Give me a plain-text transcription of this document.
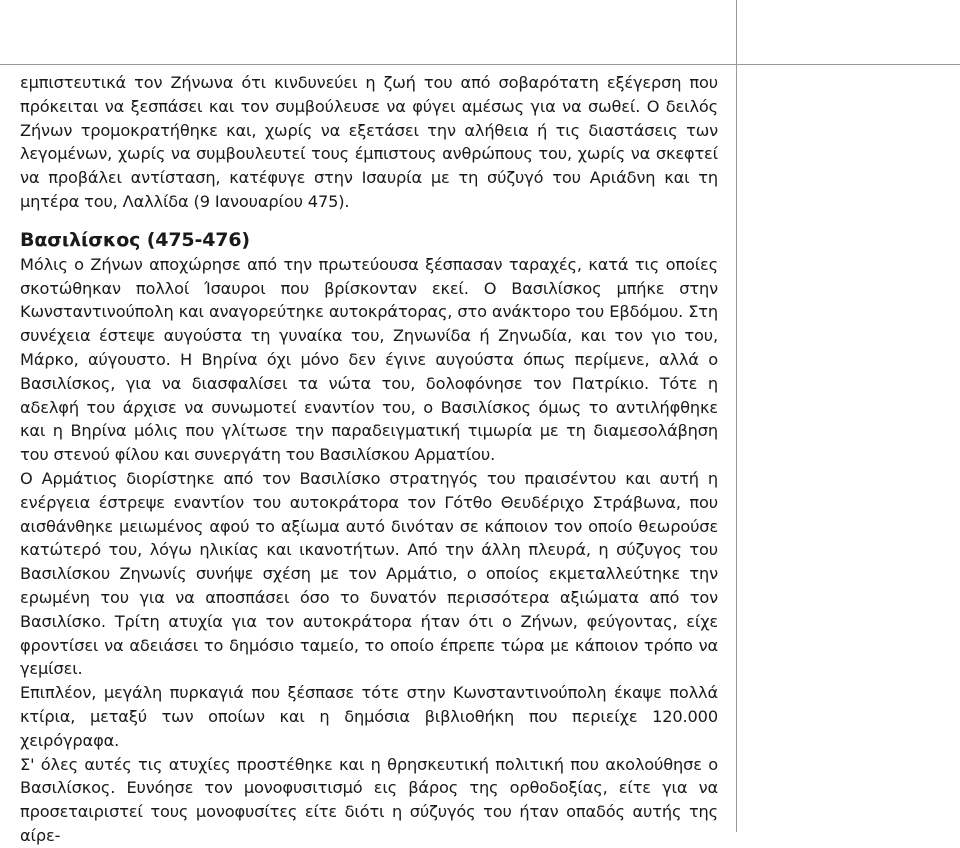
εμπιστευτικά τον Ζήνωνα ότι κινδυνεύει η ζωή του από σοβαρότατη εξέγερση που πρόκειται να ξεσπάσει και τον συμβούλευσε να φύγει αμέσως για να σωθεί. Ο δειλός Ζήνων τρομοκρατήθηκε και, χωρίς να εξετάσει την αλήθεια ή τις διαστάσεις των λεγομένων, χωρίς να συμβουλευτεί τους έμπιστους ανθρώπους του, χωρίς να σκεφτεί να προβάλει αντίσταση, κατέφυγε στην Ισαυρία με τη σύζυγό του Αριάδνη και τη μητέρα του, Λαλλίδα (9 Ιανουαρίου 475).

Βασιλίσκος (475-476)

Μόλις ο Ζήνων αποχώρησε από την πρωτεύουσα ξέσπασαν ταραχές, κατά τις οποίες σκοτώθηκαν πολλοί Ίσαυροι που βρίσκονταν εκεί. Ο Βασιλίσκος μπήκε στην Κωνσταντινούπολη και αναγορεύτηκε αυτοκράτορας, στο ανάκτορο του Εβδόμου. Στη συνέχεια έστεψε αυγούστα τη γυναίκα του, Ζηνωνίδα ή Ζηνωδία, και τον γιο του, Μάρκο, αύγουστο. Η Βηρίνα όχι μόνο δεν έγινε αυγούστα όπως περίμενε, αλλά ο Βασιλίσκος, για να διασφαλίσει τα νώτα του, δολοφόνησε τον Πατρίκιο. Τότε η αδελφή του άρχισε να συνωμοτεί εναντίον του, ο Βασιλίσκος όμως το αντιλήφθηκε και η Βηρίνα μόλις που γλίτωσε την παραδειγματική τιμωρία με τη διαμεσολάβηση του στενού φίλου και συνεργάτη του Βασιλίσκου Αρματίου.

Ο Αρμάτιος διορίστηκε από τον Βασιλίσκο στρατηγός του πραισέντου και αυτή η ενέργεια έστρεψε εναντίον του αυτοκράτορα τον Γότθο Θευδέριχο Στράβωνα, που αισθάνθηκε μειωμένος αφού το αξίωμα αυτό δινόταν σε κάποιον τον οποίο θεωρούσε κατώτερό του, λόγω ηλικίας και ικανοτήτων. Από την άλλη πλευρά, η σύζυγος του Βασιλίσκου Ζηνωνίς συνήψε σχέση με τον Αρμάτιο, ο οποίος εκμεταλλεύτηκε την ερωμένη του για να αποσπάσει όσο το δυνατόν περισσότερα αξιώματα από τον Βασιλίσκο. Τρίτη ατυχία για τον αυτοκράτορα ήταν ότι ο Ζήνων, φεύγοντας, είχε φροντίσει να αδειάσει το δημόσιο ταμείο, το οποίο έπρεπε τώρα με κάποιον τρόπο να γεμίσει.

Επιπλέον, μεγάλη πυρκαγιά που ξέσπασε τότε στην Κωνσταντινούπολη έκαψε πολλά κτίρια, μεταξύ των οποίων και η δημόσια βιβλιοθήκη που περιείχε 120.000 χειρόγραφα.

Σ' όλες αυτές τις ατυχίες προστέθηκε και η θρησκευτική πολιτική που ακολούθησε ο Βασιλίσκος. Ευνόησε τον μονοφυσιτισμό εις βάρος της ορθοδοξίας, είτε για να προσεταιριστεί τους μονοφυσίτες είτε διότι η σύζυγός του ήταν οπαδός αυτής της αίρε-
